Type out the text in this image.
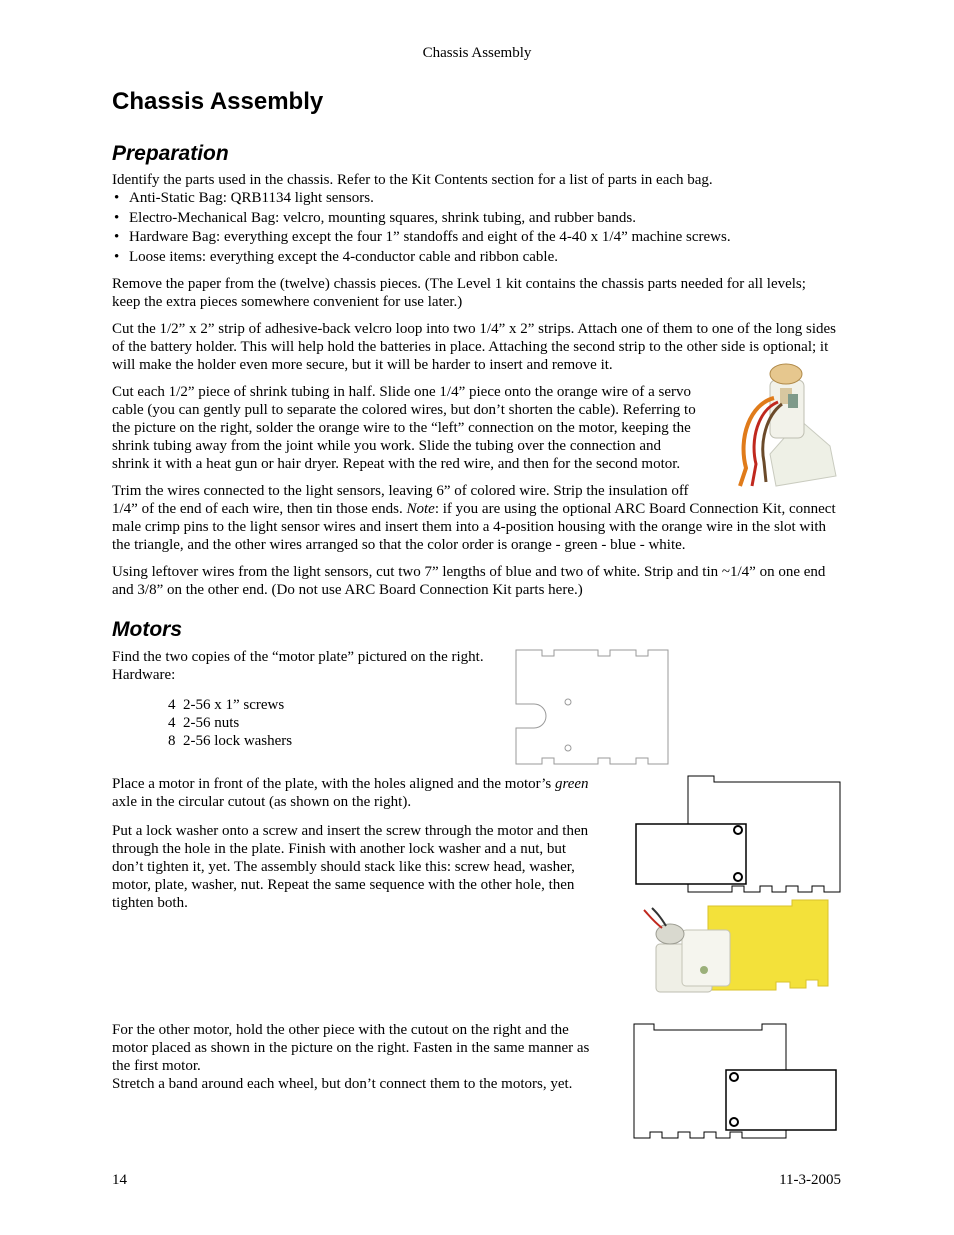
Chassis Assembly
Chassis Assembly
Preparation

Identify the parts used in the chassis. Refer to the Kit Contents section for a list of parts in each bag.

• Anti-Static Bag: QRB1134 light sensors.
• Electro-Mechanical Bag: velcro, mounting squares, shrink tubing, and rubber bands.
• Hardware Bag: everything except the four 1” standoffs and eight of the 4-40 x 1/4” machine screws.
• Loose items: everything except the 4-conductor cable and ribbon cable.

Remove the paper from the (twelve) chassis pieces. (The Level 1 kit contains the chassis parts needed for all levels; keep the extra pieces somewhere convenient for use later.)

Cut the 1/2” x 2” strip of adhesive-back velcro loop into two 1/4” x 2” strips. Attach one of them to one of the long sides of the battery holder. This will help hold the batteries in place. Attaching the second strip to the other side is optional; it will make the holder even more secure, but it will be harder to insert and remove it.

Cut each 1/2” piece of shrink tubing in half. Slide one 1/4” piece onto the orange wire of a servo
cable (you can gently pull to separate the colored wires, but don’t shorten the cable). Referring to
the picture on the right, solder the orange wire to the “left” connection on the motor, keeping the
shrink tubing away from the joint while you work. Slide the tubing over the connection and
shrink it with a heat gun or hair dryer. Repeat with the red wire, and then for the second motor.
Trim the wires connected to the light sensors, leaving 6” of colored wire. Strip the insulation off
1/4” of the end of each wire, then tin those ends. Note: if you are using the optional ARC Board Connection Kit, connect male crimp pins to the light sensor wires and insert them into a 4-position housing with the orange wire in the slot with the triangle, and the other wires arranged so that the color order is orange - green - blue - white.

Using leftover wires from the light sensors, cut two 7” lengths of blue and two of white. Strip and tin ~1/4” on one end and 3/8” on the other end. (Do not use ARC Board Connection Kit parts here.)

Motors
Find the two copies of the “motor plate” pictured on the right.
Hardware:
4 2-56 x 1” screws
4 2-56 nuts
8 2-56 lock washers
Place a motor in front of the plate, with the holes aligned and the motor’s green
axle in the circular cutout (as shown on the right).
Put a lock washer onto a screw and insert the screw through the motor and then
through the hole in the plate. Finish with another lock washer and a nut, but
don’t tighten it, yet. The assembly should stack like this: screw head, washer,
motor, plate, washer, nut. Repeat the same sequence with the other hole, then
tighten both.
For the other motor, hold the other piece with the cutout on the right and the
motor placed as shown in the picture on the right. Fasten in the same manner as
the first motor.
Stretch a band around each wheel, but don’t connect them to the motors, yet.
14	11-3-2005
